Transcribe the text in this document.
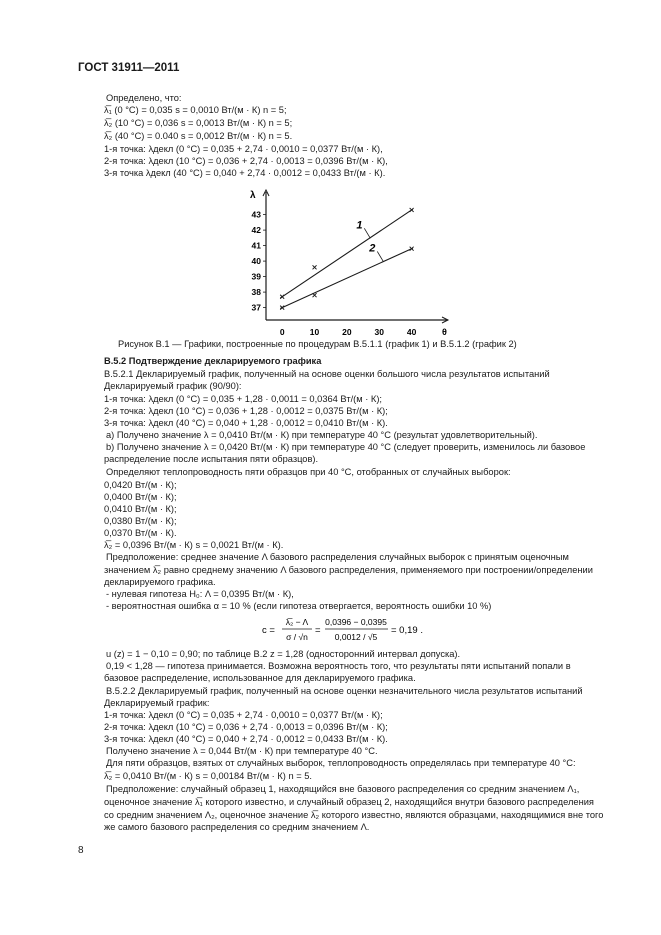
ГОСТ 31911—2011
Определено, что:
λ̅₁ (0 °С) = 0,035 s = 0,0010 Вт/(м · К) n = 5;
λ̅₂ (10 °С) = 0,036 s = 0,0013 Вт/(м · К) n = 5;
λ̅₂ (40 °С) = 0.040 s = 0,0012 Вт/(м · К) n = 5.
1-я точка: λдекл (0 °С) = 0,035 + 2,74 · 0,0010 = 0,0377 Вт/(м · К),
2-я точка: λдекл (10 °С) = 0,036 + 2,74 · 0,0013 = 0,0396 Вт/(м · К),
3-я точка λдекл (40 °С) = 0,040 + 2,74 · 0,0012 = 0,0433 Вт/(м · К).
λ
θ
43
42
41
40
39
38
37
0	10	20	30	40
1
2
Рисунок В.1 — Графики, построенные по процедурам В.5.1.1 (график 1) и В.5.1.2 (график 2)
В.5.2 Подтверждение декларируемого графика
В.5.2.1 Декларируемый график, полученный на основе оценки большого числа результатов испытаний
Декларируемый график (90/90):
1-я точка: λдекл (0 °С) = 0,035 + 1,28 · 0,0011 = 0,0364 Вт/(м · К);
2-я точка: λдекл (10 °С) = 0,036 + 1,28 · 0,0012 = 0,0375 Вт/(м · К);
3-я точка: λдекл (40 °С) = 0,040 + 1,28 · 0,0012 = 0,0410 Вт/(м · К).
а) Получено значение λ = 0,0410 Вт/(м · К) при температуре 40 °С (результат удовлетворительный).
b) Получено значение λ = 0,0420 Вт/(м · К) при температуре 40 °С (следует проверить, изменилось ли базовое
распределение после испытания пяти образцов).
Определяют теплопроводность пяти образцов при 40 °С, отобранных от случайных выборок:
0,0420 Вт/(м · К);
0,0400 Вт/(м · К);
0,0410 Вт/(м · К);
0,0380 Вт/(м · К);
0,0370 Вт/(м · К).
λ̅₂ = 0,0396 Вт/(м · К) s = 0,0021 Вт/(м · К).
Предположение: среднее значение Λ базового распределения случайных выборок с принятым оценочным
значением λ̅₂ равно среднему значению Λ базового распределения, применяемого при построении/определении
декларируемого графика.
- нулевая гипотеза H₀: Λ = 0,0395 Вт/(м · К),
- вероятностная ошибка α = 10 % (если гипотеза отвергается, вероятность ошибки 10 %)
c =
λ̅₂ − Λ
σ / √n
=
0,0396 − 0,0395
0,0012 / √5
= 0,19 .
u (z) = 1 − 0,10 = 0,90; по таблице В.2 z = 1,28 (односторонний интервал допуска).
0,19 < 1,28 — гипотеза принимается. Возможна вероятность того, что результаты пяти испытаний попали в
базовое распределение, использованное для декларируемого графика.
В.5.2.2 Декларируемый график, полученный на основе оценки незначительного числа результатов испытаний
Декларируемый график:
1-я точка: λдекл (0 °С) = 0,035 + 2,74 · 0,0010 = 0,0377 Вт/(м · К);
2-я точка: λдекл (10 °С) = 0,036 + 2,74 · 0,0013 = 0,0396 Вт/(м · К);
3-я точка: λдекл (40 °С) = 0,040 + 2,74 · 0,0012 = 0,0433 Вт/(м · К).
Получено значение λ = 0,044 Вт/(м · К) при температуре 40 °С.
Для пяти образцов, взятых от случайных выборок, теплопроводность определялась при температуре 40 °С:
λ̅₂ = 0,0410 Вт/(м · К) s = 0,00184 Вт/(м · К) n = 5.
Предположение: случайный образец 1, находящийся вне базового распределения со средним значением Λ₁,
оценочное значение λ̅₁ которого известно, и случайный образец 2, находящийся внутри базового распределения
со средним значением Λ₂, оценочное значение λ̅₂ которого известно, являются образцами, находящимися вне того
же самого базового распределения со средним значением Λ.
8
